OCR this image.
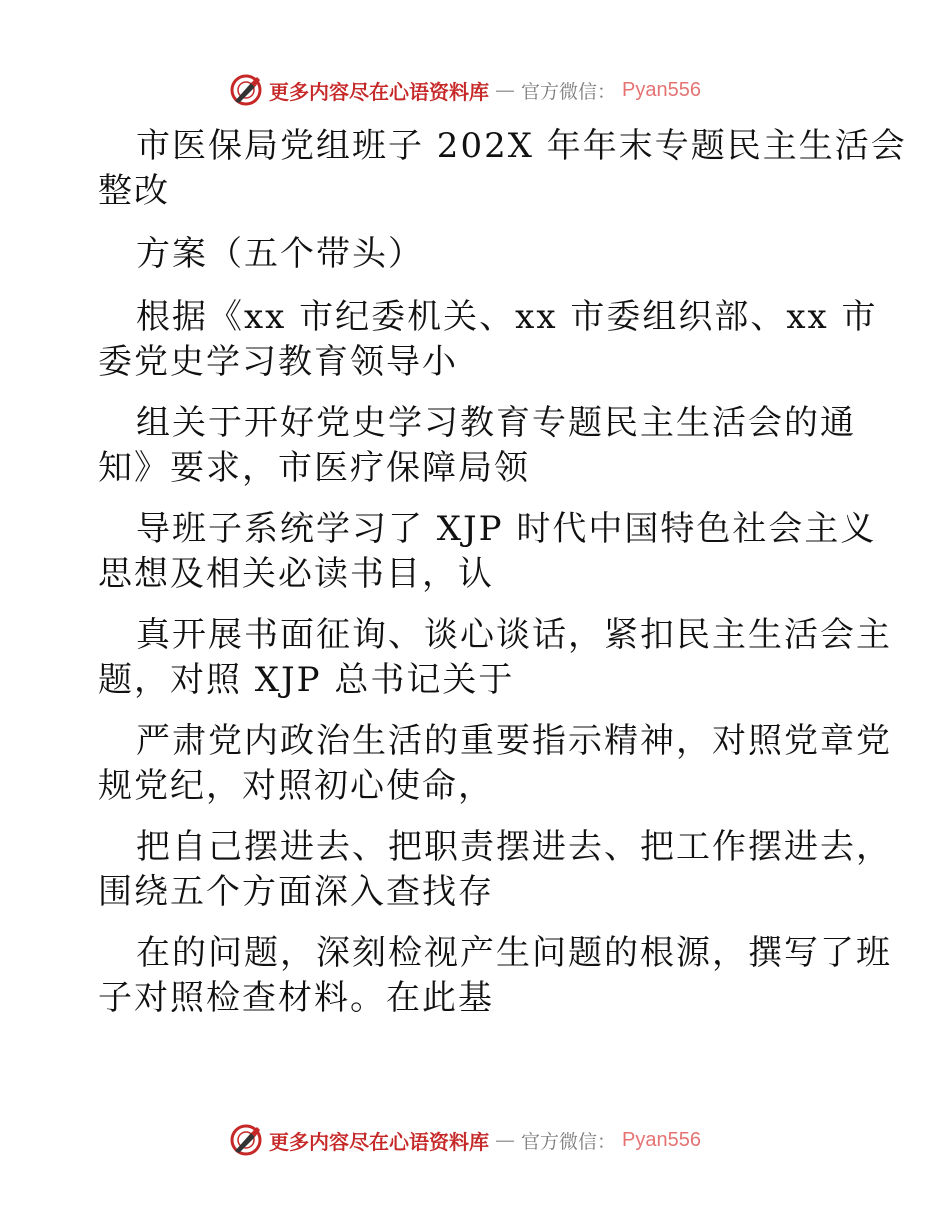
更多内容尽在心语资料库 — 官方微信： Pyan556
市医保局党组班子 202X 年年末专题民主生活会
整改
方案（五个带头）
根据《xx 市纪委机关、xx 市委组织部、xx 市
委党史学习教育领导小
组关于开好党史学习教育专题民主生活会的通
知》要求，市医疗保障局领
导班子系统学习了 XJP 时代中国特色社会主义
思想及相关必读书目，认
真开展书面征询、谈心谈话，紧扣民主生活会主
题，对照 XJP 总书记关于
严肃党内政治生活的重要指示精神，对照党章党
规党纪，对照初心使命，
把自己摆进去、把职责摆进去、把工作摆进去，
围绕五个方面深入查找存
在的问题，深刻检视产生问题的根源，撰写了班
子对照检查材料。在此基
更多内容尽在心语资料库 — 官方微信： Pyan556
